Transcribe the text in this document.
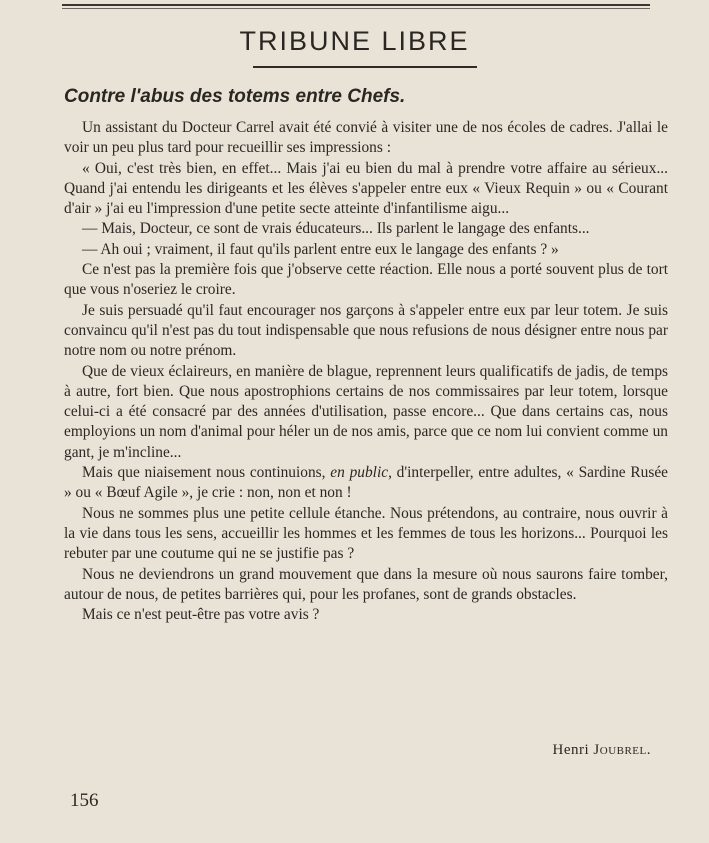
TRIBUNE LIBRE
Contre l'abus des totems entre Chefs.

Un assistant du Docteur Carrel avait été convié à visiter une de nos écoles de cadres. J'allai le voir un peu plus tard pour recueillir ses impressions :

« Oui, c'est très bien, en effet... Mais j'ai eu bien du mal à prendre votre affaire au sérieux... Quand j'ai entendu les dirigeants et les élèves s'appeler entre eux « Vieux Requin » ou « Courant d'air » j'ai eu l'impression d'une petite secte atteinte d'infantilisme aigu...

— Mais, Docteur, ce sont de vrais éducateurs... Ils parlent le langage des enfants...

— Ah oui ; vraiment, il faut qu'ils parlent entre eux le langage des enfants ? »

Ce n'est pas la première fois que j'observe cette réaction. Elle nous a porté souvent plus de tort que vous n'oseriez le croire.

Je suis persuadé qu'il faut encourager nos garçons à s'appeler entre eux par leur totem. Je suis convaincu qu'il n'est pas du tout indispensable que nous refusions de nous désigner entre nous par notre nom ou notre prénom.

Que de vieux éclaireurs, en manière de blague, reprennent leurs qualificatifs de jadis, de temps à autre, fort bien. Que nous apostrophions certains de nos commissaires par leur totem, lorsque celui-ci a été consacré par des années d'utilisation, passe encore... Que dans certains cas, nous employions un nom d'animal pour héler un de nos amis, parce que ce nom lui convient comme un gant, je m'incline...

Mais que niaisement nous continuions, en public, d'interpeller, entre adultes, « Sardine Rusée » ou « Bœuf Agile », je crie : non, non et non !

Nous ne sommes plus une petite cellule étanche. Nous prétendons, au contraire, nous ouvrir à la vie dans tous les sens, accueillir les hommes et les femmes de tous les horizons... Pourquoi les rebuter par une coutume qui ne se justifie pas ?

Nous ne deviendrons un grand mouvement que dans la mesure où nous saurons faire tomber, autour de nous, de petites barrières qui, pour les profanes, sont de grands obstacles.

Mais ce n'est peut-être pas votre avis ?

Henri Joubrel.
156
